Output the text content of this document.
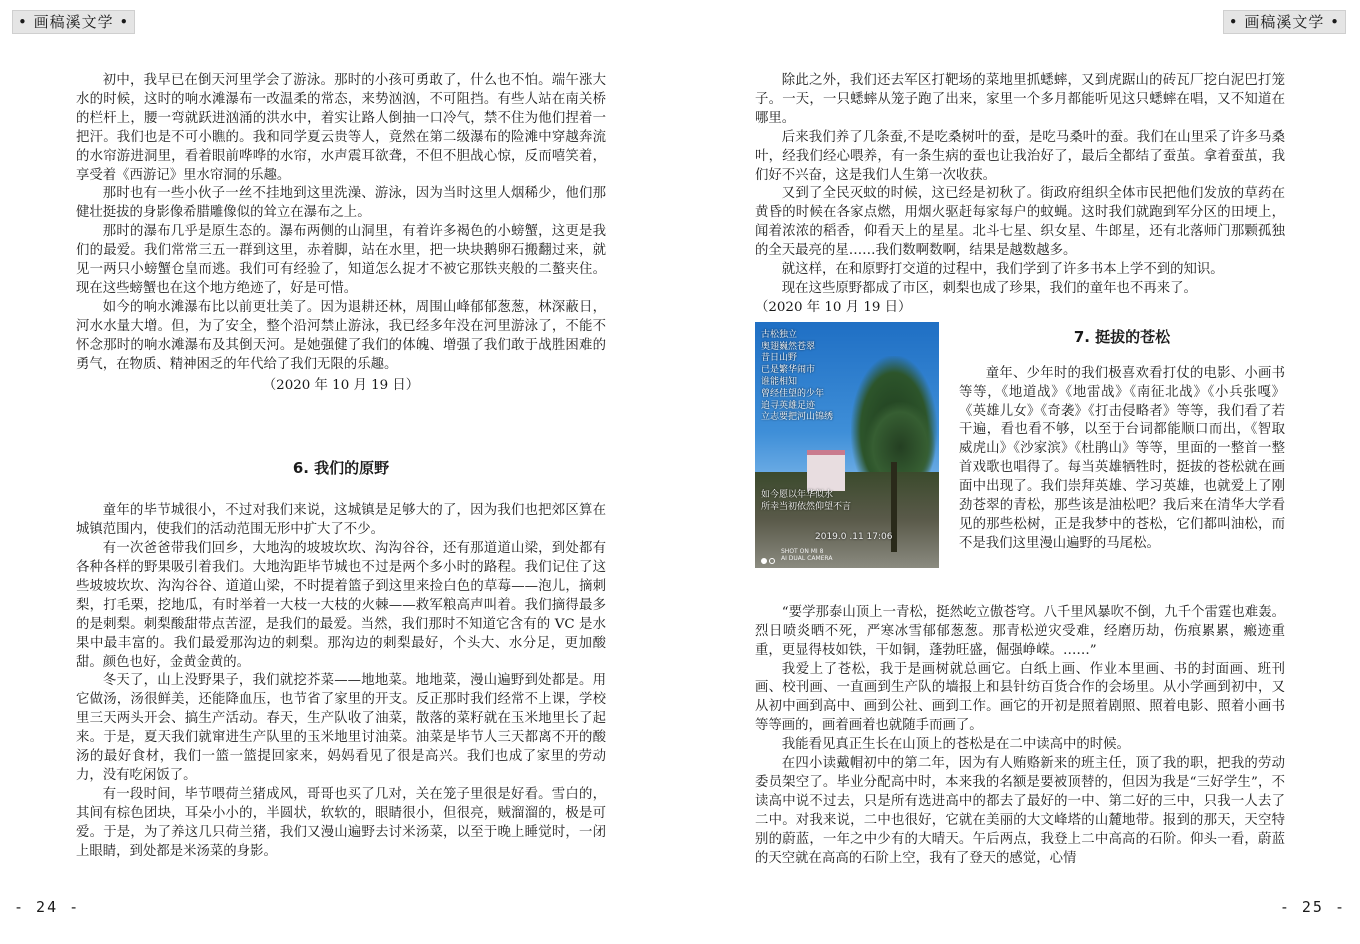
• 画稿溪文学 •	• 画稿溪文学 •

初中，我早已在倒天河里学会了游泳。那时的小孩可勇敢了，什么也不怕。端午涨大水的时候，这时的响水滩瀑布一改温柔的常态，来势汹汹，不可阻挡。有些人站在南关桥的栏杆上，腰一弯就跃进汹涌的洪水中，着实让路人倒抽一口冷气，禁不住为他们捏着一把汗。我们也是不可小瞧的。我和同学夏云贵等人，竟然在第二级瀑布的险滩中穿越奔流的水帘游进洞里，看着眼前哗哗的水帘，水声震耳欲聋，不但不胆战心惊，反而嘻笑着，享受着《西游记》里水帘洞的乐趣。

那时也有一些小伙子一丝不挂地到这里洗澡、游泳，因为当时这里人烟稀少，他们那健壮挺拔的身影像希腊雕像似的耸立在瀑布之上。

那时的瀑布几乎是原生态的。瀑布两侧的山洞里，有着许多褐色的小螃蟹，这更是我们的最爱。我们常常三五一群到这里，赤着脚，站在水里，把一块块鹅卵石搬翻过来，就见一两只小螃蟹仓皇而逃。我们可有经验了，知道怎么捉才不被它那铁夹般的二螯夹住。现在这些螃蟹也在这个地方绝迹了，好是可惜。

如今的响水滩瀑布比以前更壮美了。因为退耕还林，周围山峰郁郁葱葱，林深蔽日，河水水量大增。但，为了安全，整个沿河禁止游泳，我已经多年没在河里游泳了，不能不怀念那时的响水滩瀑布及其倒天河。是她强健了我们的体魄、增强了我们敢于战胜困难的勇气，在物质、精神困乏的年代给了我们无限的乐趣。

（2020 年 10 月 19 日）

6. 我们的原野

童年的毕节城很小，不过对我们来说，这城镇是足够大的了，因为我们也把郊区算在城镇范围内，使我们的活动范围无形中扩大了不少。

有一次爸爸带我们回乡，大地沟的坡坡坎坎、沟沟谷谷，还有那道道山梁，到处都有各种各样的野果吸引着我们。大地沟距毕节城也不过是两个多小时的路程。我们记住了这些坡坡坎坎、沟沟谷谷、道道山梁，不时提着篮子到这里来捡白色的草莓——泡儿，摘刺梨，打毛栗，挖地瓜，有时举着一大枝一大枝的火棘——救军粮高声叫着。我们摘得最多的是刺梨。刺梨酸甜带点苦涩，是我们的最爱。当然，我们那时不知道它含有的 VC 是水果中最丰富的。我们最爱那沟边的刺梨。那沟边的刺梨最好，个头大、水分足，更加酸甜。颜色也好，金黄金黄的。

冬天了，山上没野果子，我们就挖芥菜——地地菜。地地菜，漫山遍野到处都是。用它做汤，汤很鲜美，还能降血压，也节省了家里的开支。反正那时我们经常不上课，学校里三天两头开会、搞生产活动。春天，生产队收了油菜，散落的菜籽就在玉米地里长了起来。于是，夏天我们就窜进生产队里的玉米地里讨油菜。油菜是毕节人三天都离不开的酸汤的最好食材，我们一篮一篮提回家来，妈妈看见了很是高兴。我们也成了家里的劳动力，没有吃闲饭了。

有一段时间，毕节喂荷兰猪成风，哥哥也买了几对，关在笼子里很是好看。雪白的，其间有棕色团块，耳朵小小的，半圆状，软软的，眼睛很小，但很亮，贼溜溜的，极是可爱。于是，为了养这几只荷兰猪，我们又漫山遍野去讨米汤菜，以至于晚上睡觉时，一闭上眼睛，到处都是米汤菜的身影。

除此之外，我们还去军区打靶场的菜地里抓蟋蟀，又到虎踞山的砖瓦厂挖白泥巴打笼子。一天，一只蟋蟀从笼子跑了出来，家里一个多月都能听见这只蟋蟀在唱，又不知道在哪里。

后来我们养了几条蚕,不是吃桑树叶的蚕，是吃马桑叶的蚕。我们在山里采了许多马桑叶，经我们经心喂养，有一条生病的蚕也让我治好了，最后全都结了蚕茧。拿着蚕茧，我们好不兴奋，这是我们人生第一次收获。

又到了全民灭蚊的时候，这已经是初秋了。街政府组织全体市民把他们发放的草药在黄昏的时候在各家点燃，用烟火驱赶每家每户的蚊蝇。这时我们就跑到军分区的田埂上，闻着浓浓的稻香，仰看天上的星星。北斗七星、织女星、牛郎星，还有北落师门那颗孤独的全天最亮的星……我们数啊数啊，结果是越数越多。

就这样，在和原野打交道的过程中，我们学到了许多书本上学不到的知识。

现在这些原野都成了市区，刺梨也成了珍果，我们的童年也不再来了。

（2020 年 10 月 19 日）

古松独立
奥翅巍然苍翠
昔日山野
已是繁华闹市
谁能相知
曾经佳望的少年
追寻英雄足迹
立志要把河山锦绣
如今愿以年华似水
所幸当初依然仰望不言
2019.0 .11 17:06
SHOT ON MI 8
AI DUAL CAMERA
7. 挺拔的苍松

童年、少年时的我们极喜欢看打仗的电影、小画书等等，《地道战》《地雷战》《南征北战》《小兵张嘎》《英雄儿女》《奇袭》《打击侵略者》等等，我们看了若干遍，看也看不够，以至于台词都能顺口而出，《智取威虎山》《沙家滨》《杜鹃山》等等，里面的一整首一整首戏歌也唱得了。每当英雄牺牲时，挺拔的苍松就在画面中出现了。我们崇拜英雄、学习英雄，也就爱上了刚劲苍翠的青松，那些该是油松吧？我后来在清华大学看见的那些松树，正是我梦中的苍松，它们都叫油松，而不是我们这里漫山遍野的马尾松。

“要学那泰山顶上一青松，挺然屹立傲苍穹。八千里风暴吹不倒，九千个雷霆也难轰。烈日喷炎晒不死，严寒冰雪郁郁葱葱。那青松逆灾受难，经磨历劫，伤痕累累，瘢迹重重，更显得枝如铁，干如铜，蓬勃旺盛，倔强峥嵘。……”

我爱上了苍松，我于是画树就总画它。白纸上画、作业本里画、书的封面画、班刊画、校刊画、一直画到生产队的墙报上和县针纺百货合作的会场里。从小学画到初中，又从初中画到高中、画到公社、画到工作。画它的开初是照着剧照、照着电影、照着小画书等等画的，画着画着也就随手而画了。

我能看见真正生长在山顶上的苍松是在二中读高中的时候。

在四小读戴帽初中的第二年，因为有人贿赂新来的班主任，顶了我的职，把我的劳动委员架空了。毕业分配高中时，本来我的名额是要被顶替的，但因为我是“三好学生”，不读高中说不过去，只是所有选进高中的都去了最好的一中、第二好的三中，只我一人去了二中。对我来说，二中也很好，它就在美丽的大文峰塔的山麓地带。报到的那天，天空特别的蔚蓝，一年之中少有的大晴天。午后两点，我登上二中高高的石阶。仰头一看，蔚蓝的天空就在高高的石阶上空，我有了登天的感觉，心情

- 24 -	- 25 -
